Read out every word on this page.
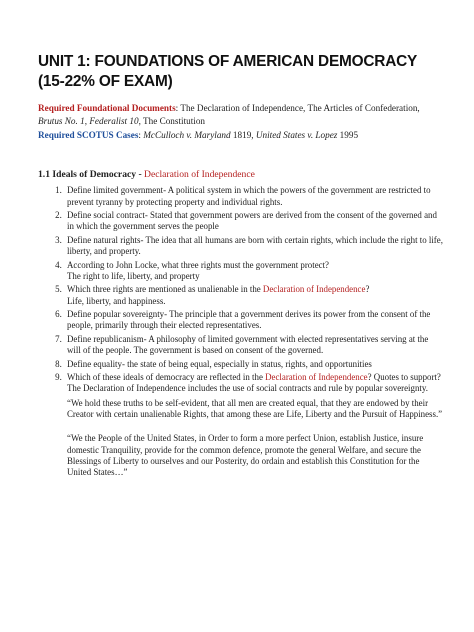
UNIT 1: FOUNDATIONS OF AMERICAN DEMOCRACY (15-22% OF EXAM)

Required Foundational Documents: The Declaration of Independence, The Articles of Confederation, Brutus No. 1, Federalist 10, The Constitution

Required SCOTUS Cases: McCulloch v. Maryland 1819, United States v. Lopez 1995

1.1 Ideals of Democracy - Declaration of Independence

1. Define limited government- A political system in which the powers of the government are restricted to prevent tyranny by protecting property and individual rights.
2. Define social contract- Stated that government powers are derived from the consent of the governed and in which the government serves the people
3. Define natural rights- The idea that all humans are born with certain rights, which include the right to life, liberty, and property.
4. According to John Locke, what three rights must the government protect?
The right to life, liberty, and property
5. Which three rights are mentioned as unalienable in the Declaration of Independence?
Life, liberty, and happiness.
6. Define popular sovereignty- The principle that a government derives its power from the consent of the people, primarily through their elected representatives.
7. Define republicanism- A philosophy of limited government with elected representatives serving at the will of the people. The government is based on consent of the governed.
8. Define equality- the state of being equal, especially in status, rights, and opportunities
9. Which of these ideals of democracy are reflected in the Declaration of Independence? Quotes to support?
The Declaration of Independence includes the use of social contracts and rule by popular sovereignty.
“We hold these truths to be self-evident, that all men are created equal, that they are endowed by their Creator with certain unalienable Rights, that among these are Life, Liberty and the Pursuit of Happiness.”
“We the People of the United States, in Order to form a more perfect Union, establish Justice, insure domestic Tranquility, provide for the common defence, promote the general Welfare, and secure the Blessings of Liberty to ourselves and our Posterity, do ordain and establish this Constitution for the United States…”
